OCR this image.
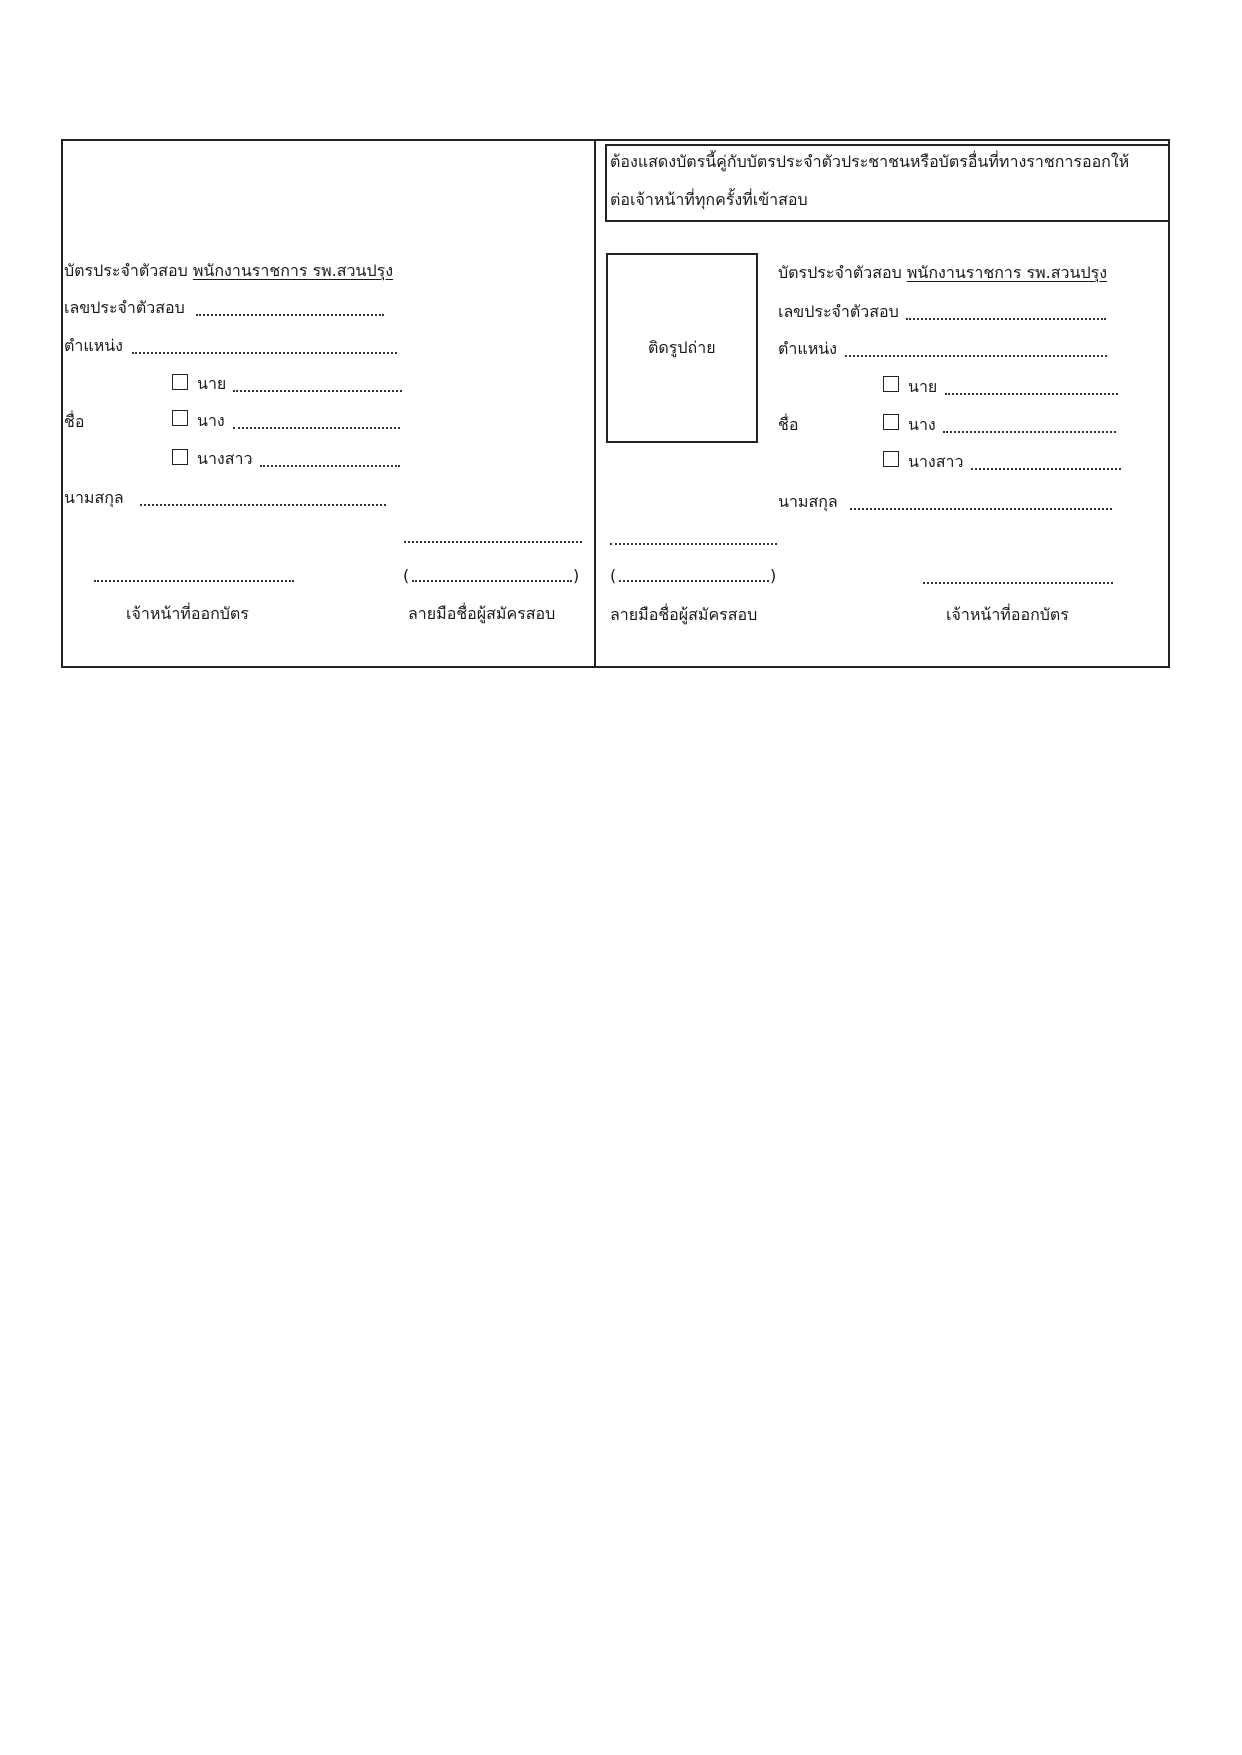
บัตรประจำตัวสอบ พนักงานราชการ รพ.สวนปรุง
เลขประจำตัวสอบ
ตำแหน่ง
นาย
ชื่อ	นาง
นางสาว
นามสกุล
(	)
เจ้าหน้าที่ออกบัตร	ลายมือชื่อผู้สมัครสอบ
ต้องแสดงบัตรนี้คู่กับบัตรประจำตัวประชาชนหรือบัตรอื่นที่ทางราชการออกให้
ต่อเจ้าหน้าที่ทุกครั้งที่เข้าสอบ
ติดรูปถ่าย
บัตรประจำตัวสอบ พนักงานราชการ รพ.สวนปรุง
เลขประจำตัวสอบ
ตำแหน่ง
นาย
ชื่อ	นาง
นางสาว
นามสกุล
(	)
ลายมือชื่อผู้สมัครสอบ	เจ้าหน้าที่ออกบัตร
